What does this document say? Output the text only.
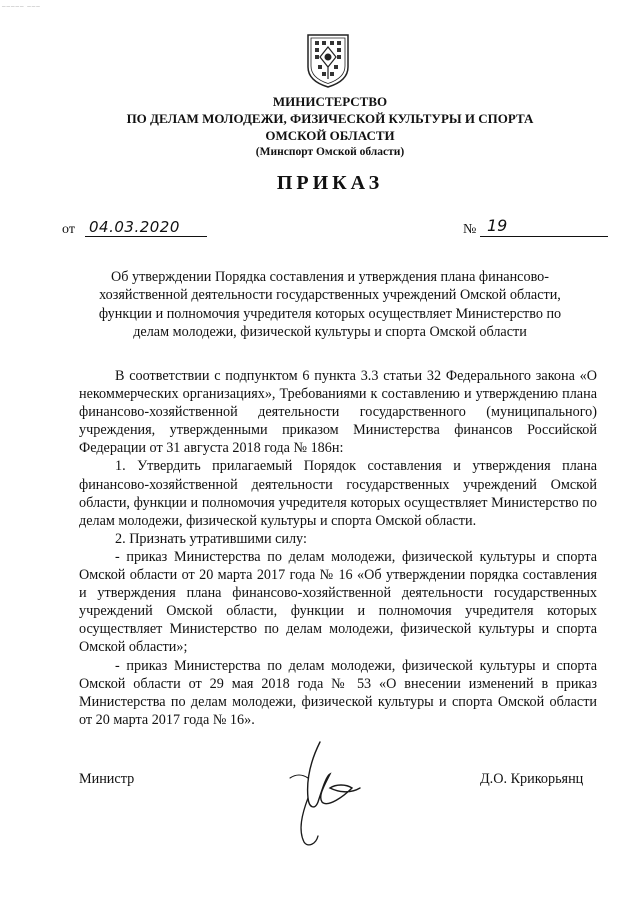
_____ ___
МИНИСТЕРСТВО
ПО ДЕЛАМ МОЛОДЕЖИ, ФИЗИЧЕСКОЙ КУЛЬТУРЫ И СПОРТА
ОМСКОЙ ОБЛАСТИ
(Минспорт Омской области)
ПРИКАЗ
от 04.03.2020	№ 19
Об утверждении Порядка составления и утверждения плана финансово-хозяйственной деятельности государственных учреждений Омской области, функции и полномочия учредителя которых осуществляет Министерство по делам молодежи, физической культуры и спорта Омской области

В соответствии с подпунктом 6 пункта 3.3 статьи 32 Федерального закона «О некоммерческих организациях», Требованиями к составлению и утверждению плана финансово-хозяйственной деятельности государственного (муниципального) учреждения, утвержденными приказом Министерства финансов Российской Федерации от 31 августа 2018 года № 186н:

1. Утвердить прилагаемый Порядок составления и утверждения плана финансово-хозяйственной деятельности государственных учреждений Омской области, функции и полномочия учредителя которых осуществляет Министерство по делам молодежи, физической культуры и спорта Омской области.

2. Признать утратившими силу:

- приказ Министерства по делам молодежи, физической культуры и спорта Омской области от 20 марта 2017 года № 16 «Об утверждении порядка составления и утверждения плана финансово-хозяйственной деятельности государственных учреждений Омской области, функции и полномочия учредителя которых осуществляет Министерство по делам молодежи, физической культуры и спорта Омской области»;

- приказ Министерства по делам молодежи, физической культуры и спорта Омской области от 29 мая 2018 года № 53 «О внесении изменений в приказ Министерства по делам молодежи, физической культуры и спорта Омской области от 20 марта 2017 года № 16».

Министр	Д.О. Крикорьянц
